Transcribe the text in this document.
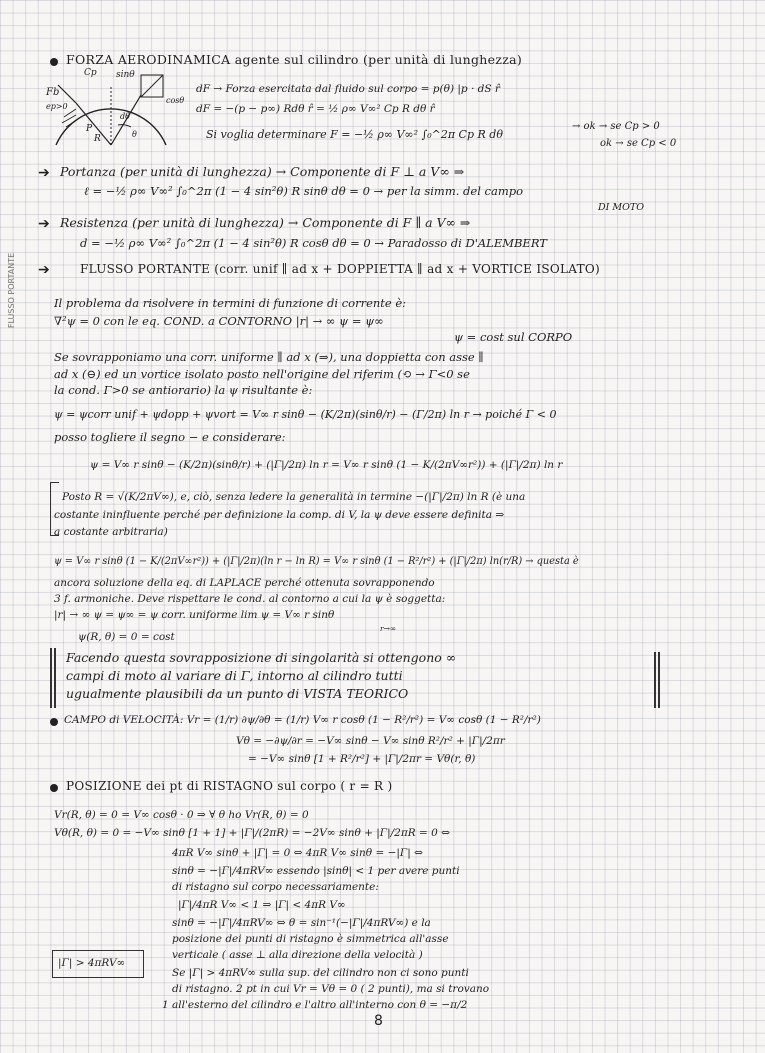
FLUSSO PORTANTE
Cp sinθ
cosθ
Fb
ep>0
dθ
P
θ
R
FORZA AERODINAMICA agente sul cilindro (per unità di lunghezza)
dF → Forza esercitata dal fluido sul corpo = p(θ) |p · dS r̂
dF = −(p − p∞) Rdθ r̂ = ½ ρ∞ V∞² Cp R dθ r̂
Si voglia determinare F = −½ ρ∞ V∞² ∫₀^2π Cp R dθ
→ ok → se Cp > 0
ok → se Cp < 0
➔ Portanza (per unità di lunghezza) → Componente di F ⊥ a V∞ ⇒
ℓ = −½ ρ∞ V∞² ∫₀^2π (1 − 4 sin²θ) R sinθ dθ = 0 → per la simm. del campo
DI MOTO
➔ Resistenza (per unità di lunghezza) → Componente di F ∥ a V∞ ⇒
d = −½ ρ∞ V∞² ∫₀^2π (1 − 4 sin²θ) R cosθ dθ = 0 → Paradosso di D'ALEMBERT
➔	FLUSSO PORTANTE (corr. unif ∥ ad x + DOPPIETTA ∥ ad x + VORTICE ISOLATO)
Il problema da risolvere in termini di funzione di corrente è:
∇²ψ = 0 con le eq. COND. a CONTORNO |r| → ∞ ψ = ψ∞
ψ = cost sul CORPO
Se sovrapponiamo una corr. uniforme ∥ ad x (⇒), una doppietta con asse ∥
ad x (⊖) ed un vortice isolato posto nell'origine del riferim (⟲ → Γ<0 se
la cond. Γ>0 se antiorario) la ψ risultante è:
ψ = ψcorr unif + ψdopp + ψvort = V∞ r sinθ − (K/2π)(sinθ/r) − (Γ/2π) ln r → poiché Γ < 0
posso togliere il segno − e considerare:
ψ = V∞ r sinθ − (K/2π)(sinθ/r) + (|Γ|/2π) ln r = V∞ r sinθ (1 − K/(2πV∞r²)) + (|Γ|/2π) ln r
Posto R = √(K/2πV∞), e, ciò, senza ledere la generalità in termine −(|Γ|/2π) ln R (è una
costante ininfluente perché per definizione la comp. di V, la ψ deve essere definita ⇒
a costante arbitraria)
ψ = V∞ r sinθ (1 − K/(2πV∞r²)) + (|Γ|/2π)(ln r − ln R) = V∞ r sinθ (1 − R²/r²) + (|Γ|/2π) ln(r/R) → questa è
ancora soluzione della eq. di LAPLACE perché ottenuta sovrapponendo
3 f. armoniche. Deve rispettare le cond. al contorno a cui la ψ è soggetta:
|r| → ∞ ψ = ψ∞ = ψ corr. uniforme lim ψ = V∞ r sinθ
r→∞
ψ(R, θ) = 0 = cost
Facendo questa sovrapposizione di singolarità si ottengono ∞
campi di moto al variare di Γ, intorno al cilindro tutti
ugualmente plausibili da un punto di VISTA TEORICO
CAMPO di VELOCITÀ: Vr = (1/r) ∂ψ/∂θ = (1/r) V∞ r cosθ (1 − R²/r²) = V∞ cosθ (1 − R²/r²)
Vθ = −∂ψ/∂r = −V∞ sinθ − V∞ sinθ R²/r² + |Γ|/2πr
= −V∞ sinθ [1 + R²/r²] + |Γ|/2πr = Vθ(r, θ)
POSIZIONE dei pt di RISTAGNO sul corpo ( r = R )
Vr(R, θ) = 0 = V∞ cosθ · 0 ⇒ ∀ θ ho Vr(R, θ) = 0
Vθ(R, θ) = 0 = −V∞ sinθ [1 + 1] + |Γ|/(2πR) = −2V∞ sinθ + |Γ|/2πR = 0 ⇔
4πR V∞ sinθ + |Γ| = 0 ⇔ 4πR V∞ sinθ = −|Γ| ⇔
sinθ = −|Γ|/4πRV∞ essendo |sinθ| < 1 per avere punti
di ristagno sul corpo necessariamente:
|Γ|/4πR V∞ < 1 ⇒ |Γ| < 4πR V∞
sinθ = −|Γ|/4πRV∞ ⇔ θ = sin⁻¹(−|Γ|/4πRV∞) e la
posizione dei punti di ristagno è simmetrica all'asse
verticale ( asse ⊥ alla direzione della velocità )
Se |Γ| > 4πRV∞ sulla sup. del cilindro non ci sono punti
di ristagno. 2 pt in cui Vr = Vθ = 0 ( 2 punti), ma si trovano
1 all'esterno del cilindro e l'altro all'interno con θ = −π/2
|Γ| > 4πRV∞
8
